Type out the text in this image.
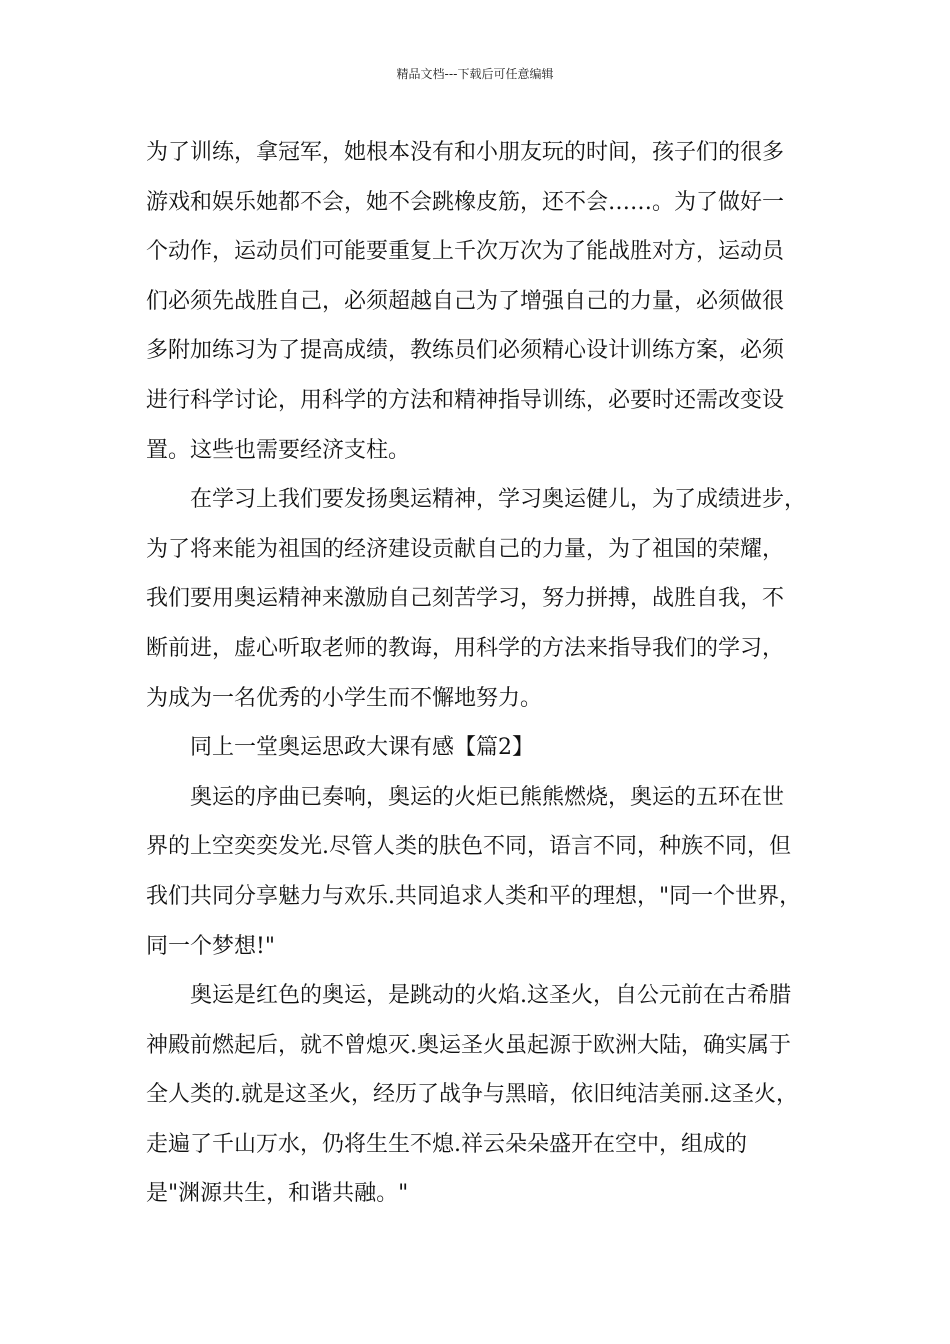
精品文档---下载后可任意编辑
为了训练，拿冠军，她根本没有和小朋友玩的时间，孩子们的很多
游戏和娱乐她都不会，她不会跳橡皮筋，还不会……。为了做好一
个动作，运动员们可能要重复上千次万次为了能战胜对方，运动员
们必须先战胜自己，必须超越自己为了增强自己的力量，必须做很
多附加练习为了提高成绩，教练员们必须精心设计训练方案，必须
进行科学讨论，用科学的方法和精神指导训练，必要时还需改变设
置。这些也需要经济支柱。
在学习上我们要发扬奥运精神，学习奥运健儿，为了成绩进步，
为了将来能为祖国的经济建设贡献自己的力量，为了祖国的荣耀，
我们要用奥运精神来激励自己刻苦学习，努力拼搏，战胜自我，不
断前进，虚心听取老师的教诲，用科学的方法来指导我们的学习，
为成为一名优秀的小学生而不懈地努力。
同上一堂奥运思政大课有感【篇2】
奥运的序曲已奏响，奥运的火炬已熊熊燃烧，奥运的五环在世
界的上空奕奕发光.尽管人类的肤色不同，语言不同，种族不同，但
我们共同分享魅力与欢乐.共同追求人类和平的理想，"同一个世界，
同一个梦想!"
奥运是红色的奥运，是跳动的火焰.这圣火，自公元前在古希腊
神殿前燃起后，就不曾熄灭.奥运圣火虽起源于欧洲大陆，确实属于
全人类的.就是这圣火，经历了战争与黑暗，依旧纯洁美丽.这圣火，
走遍了千山万水，仍将生生不熄.祥云朵朵盛开在空中，组成的
是"渊源共生，和谐共融。"
